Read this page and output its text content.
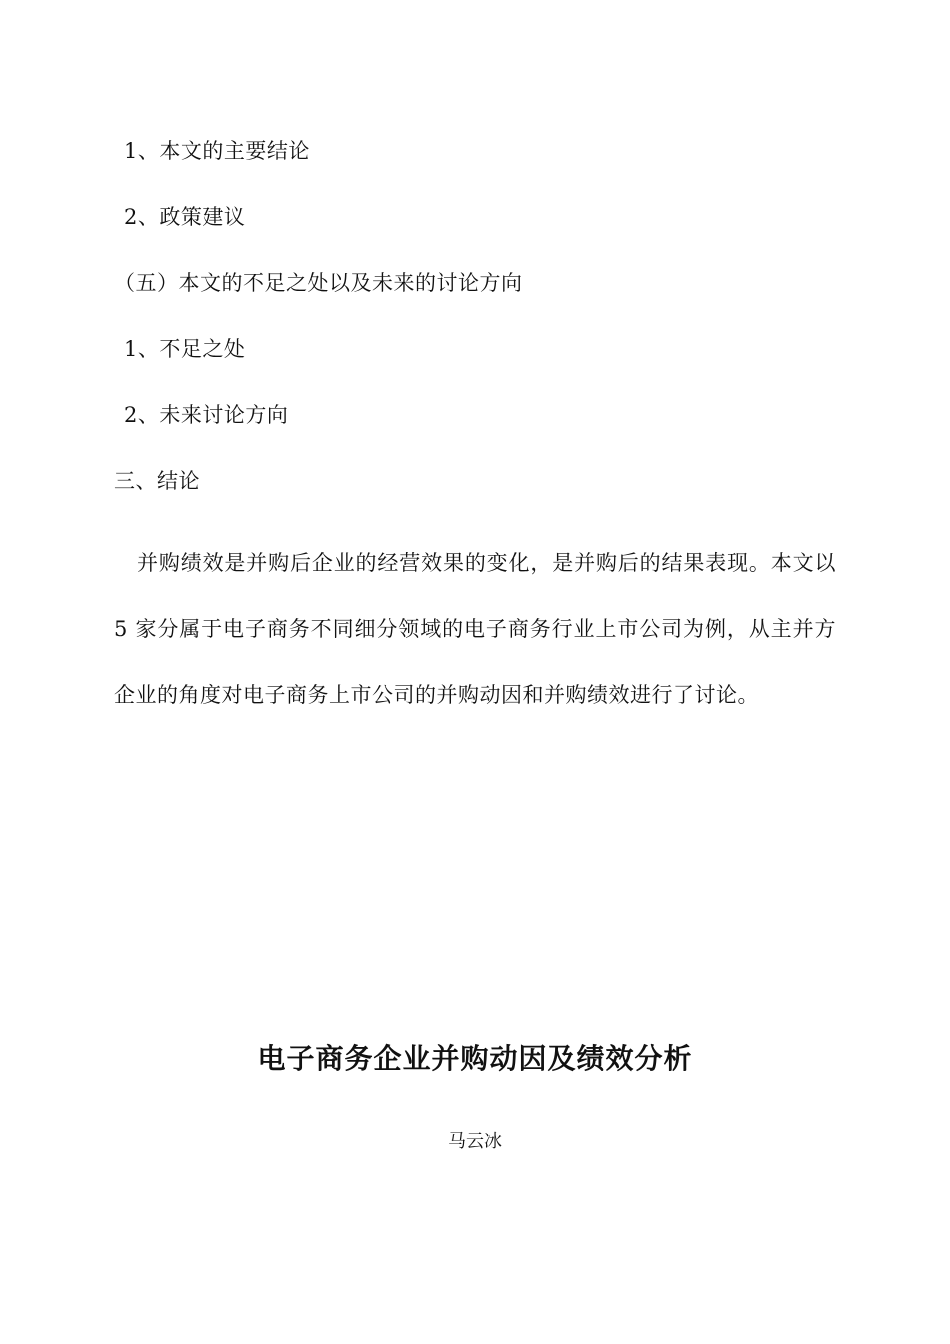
1、本文的主要结论
2、政策建议
（五）本文的不足之处以及未来的讨论方向
1、不足之处
2、未来讨论方向
三、结论
并购绩效是并购后企业的经营效果的变化，是并购后的结果表现。本文以 5 家分属于电子商务不同细分领域的电子商务行业上市公司为例，从主并方企业的角度对电子商务上市公司的并购动因和并购绩效进行了讨论。
电子商务企业并购动因及绩效分析
马云冰
